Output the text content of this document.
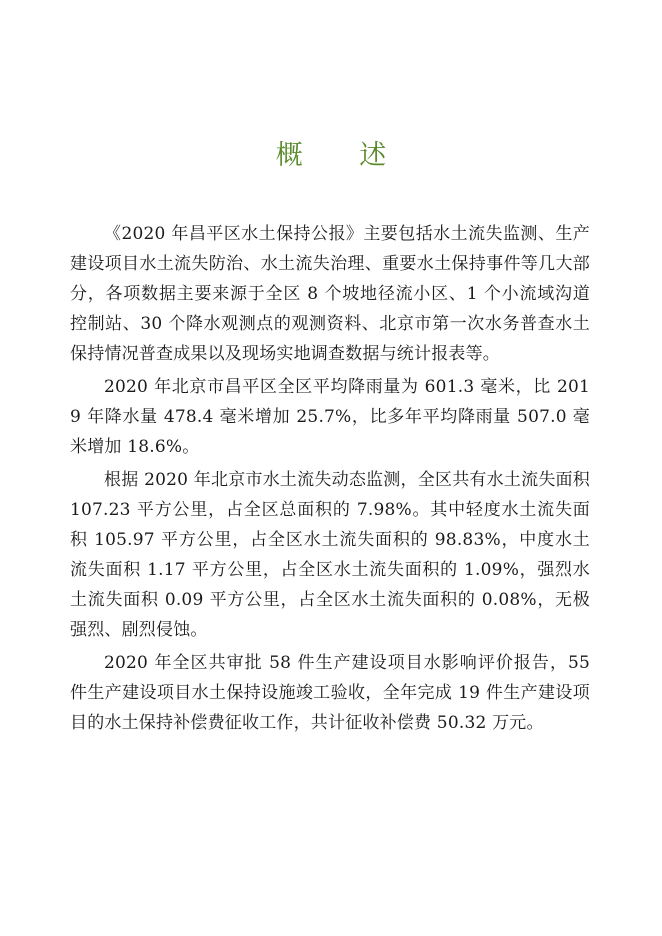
概 述

《2020 年昌平区水土保持公报》主要包括水土流失监测、生产建设项目水土流失防治、水土流失治理、重要水土保持事件等几大部分，各项数据主要来源于全区 8 个坡地径流小区、1 个小流域沟道控制站、30 个降水观测点的观测资料、北京市第一次水务普查水土保持情况普查成果以及现场实地调查数据与统计报表等。

2020 年北京市昌平区全区平均降雨量为 601.3 毫米，比 2019 年降水量 478.4 毫米增加 25.7%，比多年平均降雨量 507.0 毫米增加 18.6%。

根据 2020 年北京市水土流失动态监测，全区共有水土流失面积 107.23 平方公里，占全区总面积的 7.98%。其中轻度水土流失面积 105.97 平方公里，占全区水土流失面积的 98.83%，中度水土流失面积 1.17 平方公里，占全区水土流失面积的 1.09%，强烈水土流失面积 0.09 平方公里，占全区水土流失面积的 0.08%，无极强烈、剧烈侵蚀。

2020 年全区共审批 58 件生产建设项目水影响评价报告，55 件生产建设项目水土保持设施竣工验收，全年完成 19 件生产建设项目的水土保持补偿费征收工作，共计征收补偿费 50.32 万元。
